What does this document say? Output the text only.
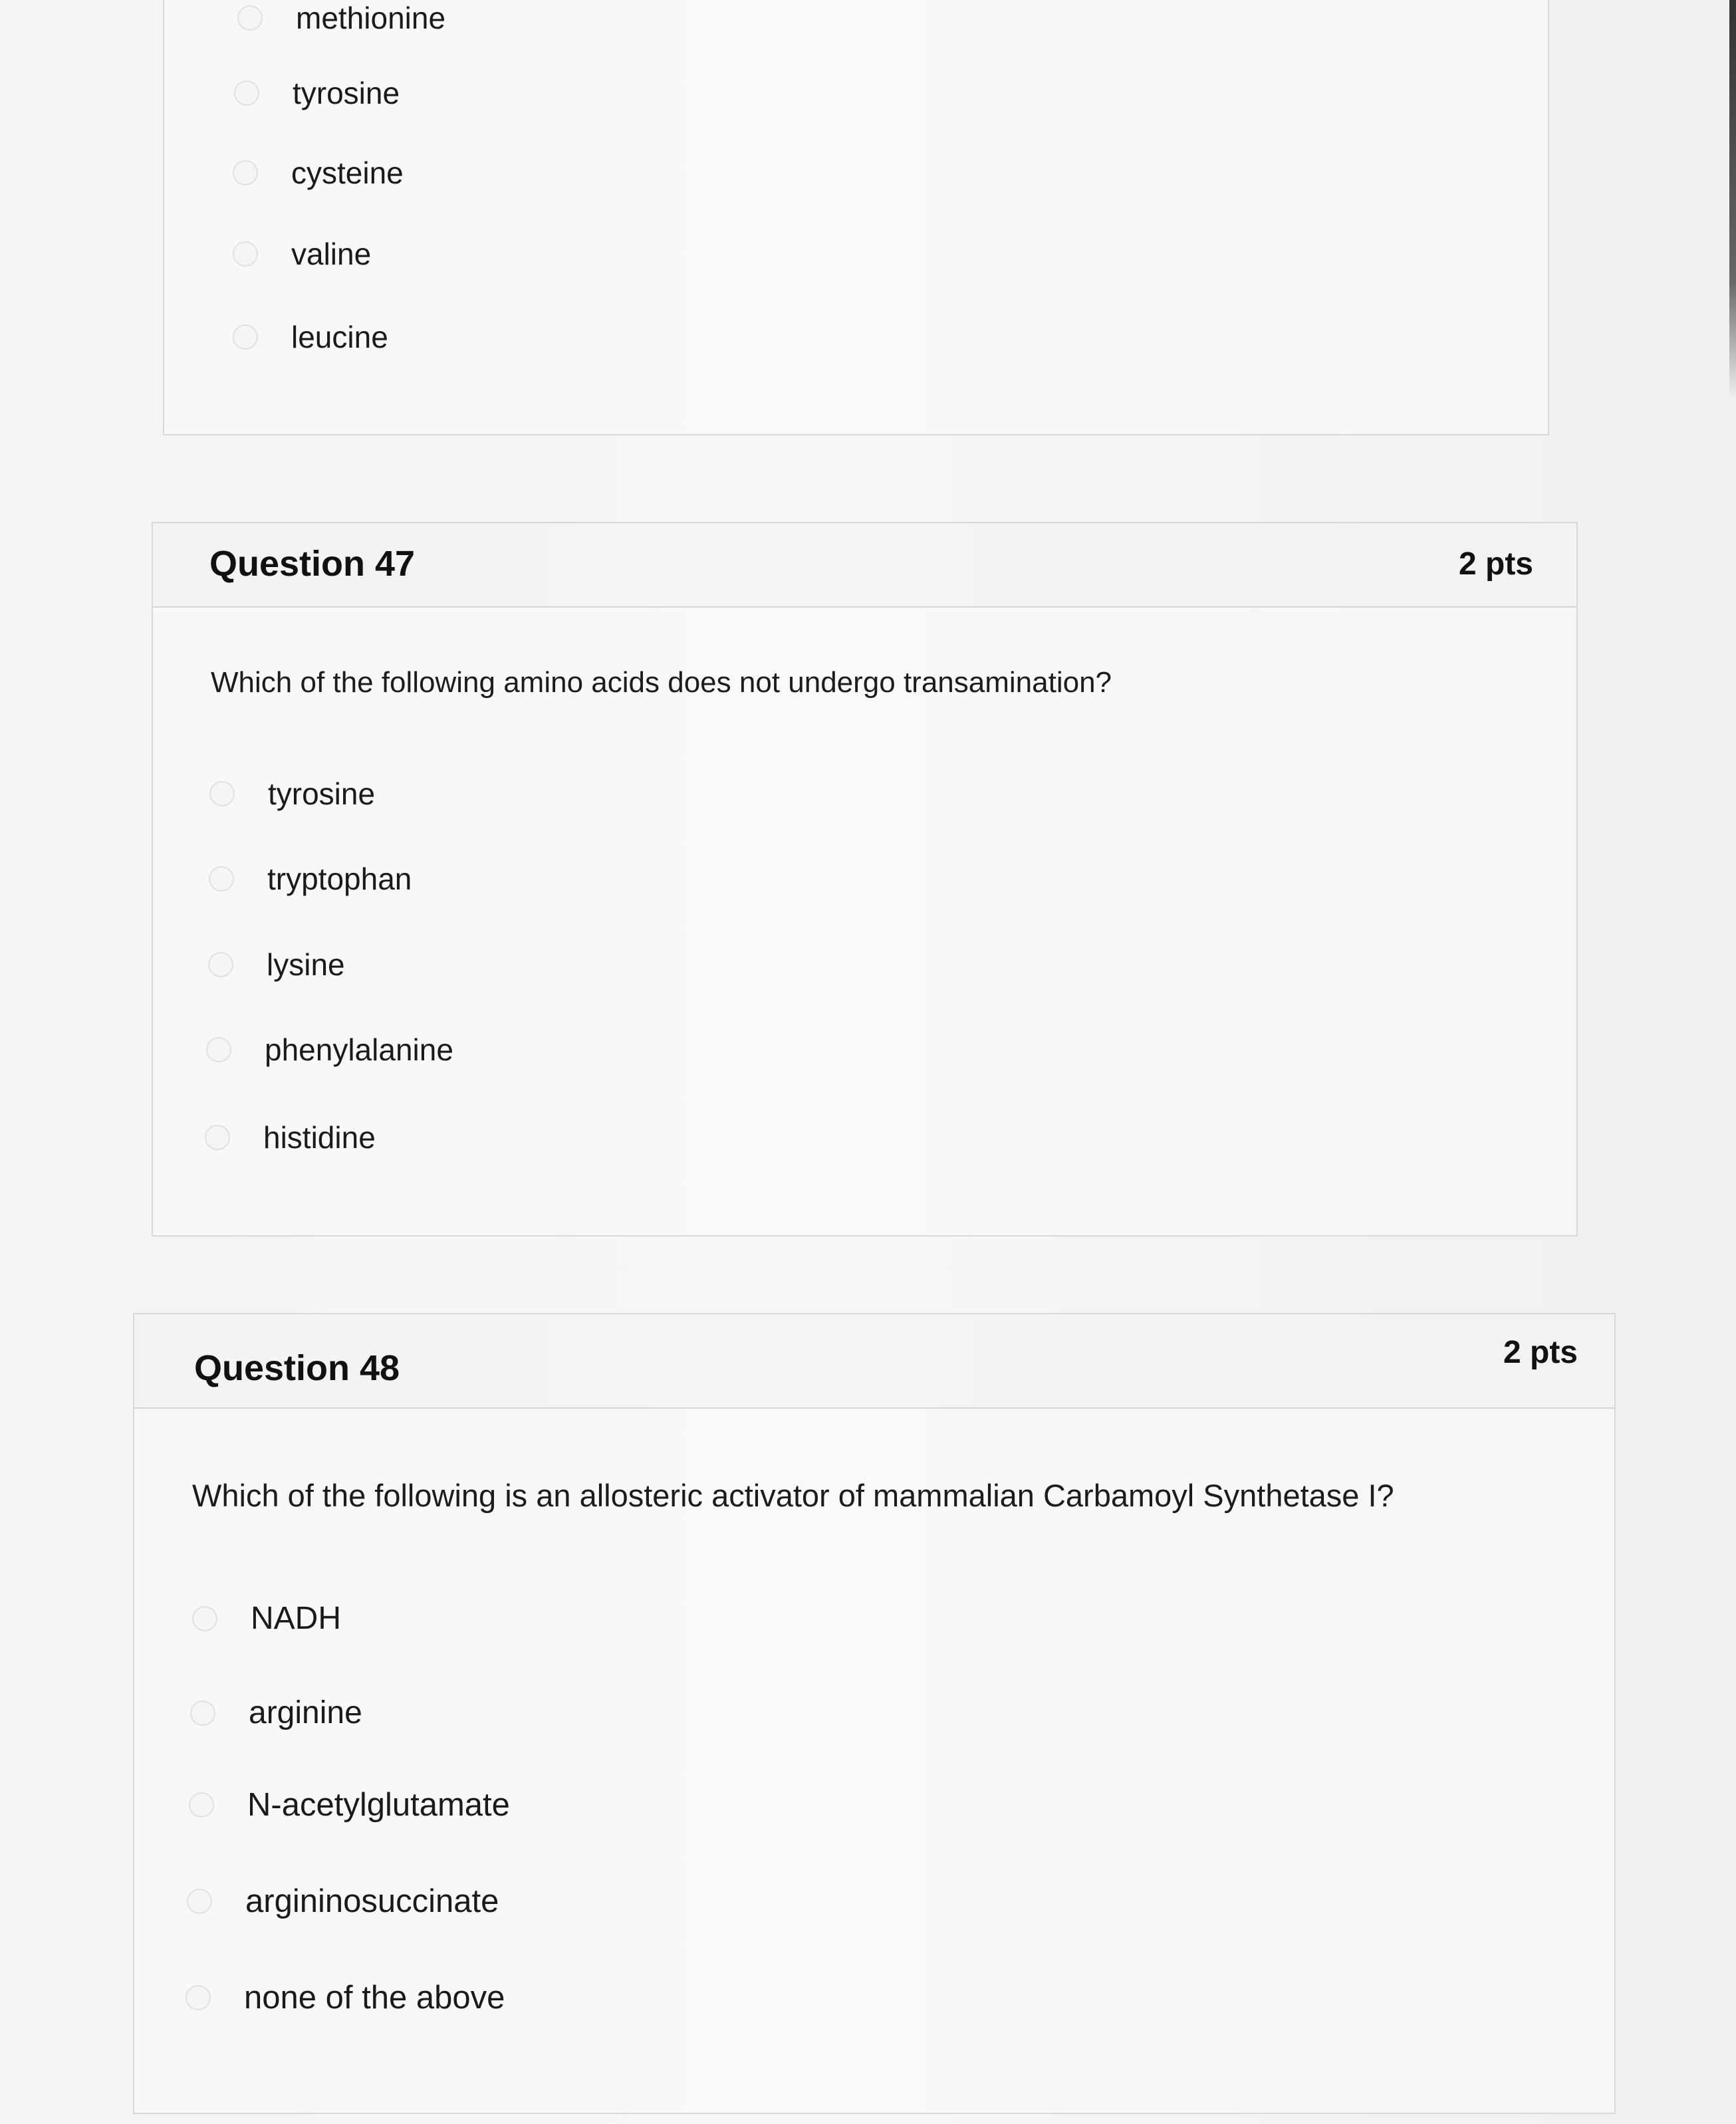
methionine
tyrosine
cysteine
valine
leucine
Question 47	2 pts
Which of the following amino acids does not undergo transamination?
tyrosine
tryptophan
lysine
phenylalanine
histidine
Question 48	2 pts
Which of the following is an allosteric activator of mammalian Carbamoyl Synthetase I?
NADH
arginine
N-acetylglutamate
argininosuccinate
none of the above
